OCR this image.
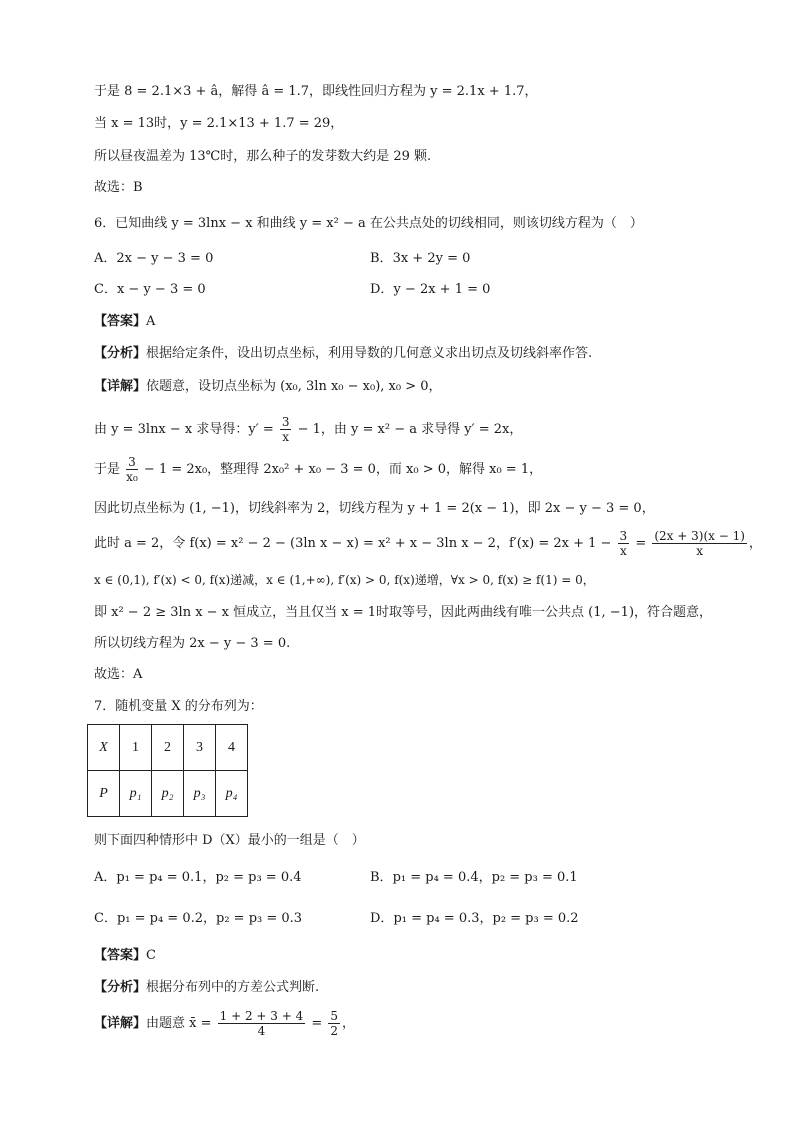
于是 8 = 2.1×3 + â，解得 â = 1.7，即线性回归方程为 y = 2.1x + 1.7，
当 x = 13时，y = 2.1×13 + 1.7 = 29，
所以昼夜温差为 13℃时，那么种子的发芽数大约是 29 颗.
故选：B
6．已知曲线 y = 3lnx − x 和曲线 y = x² − a 在公共点处的切线相同，则该切线方程为（　）
A．2x − y − 3 = 0	B．3x + 2y = 0
C．x − y − 3 = 0	D．y − 2x + 1 = 0
【答案】A
【分析】根据给定条件，设出切点坐标，利用导数的几何意义求出切点及切线斜率作答.
【详解】依题意，设切点坐标为 (x₀, 3ln x₀ − x₀), x₀ > 0，
由 y = 3lnx − x 求导得：$y' = \frac{3}{x} - 1$，由 y = x² − a 求导得 y′ = 2x，
于是 $\frac{3}{\text{x₀}} - 1 = 2x_0$，整理得 2x₀² + x₀ − 3 = 0，而 x₀ > 0，解得 x₀ = 1，
因此切点坐标为 (1, −1)，切线斜率为 2，切线方程为 y + 1 = 2(x − 1)，即 2x − y − 3 = 0，
此时 a = 2，令 f(x) = x² − 2 − (3ln x − x) = x² + x − 3ln x − 2，$f'(x) = 2x + 1 - \frac{3}{x} = \frac{(2x + 3)(x - 1)}{x}$ ，
x ∈ (0,1), f′(x) < 0, f(x)递减，x ∈ (1,+∞), f′(x) > 0, f(x)递增，∀x > 0, f(x) ≥ f(1) = 0，
即 x² − 2 ≥ 3ln x − x 恒成立，当且仅当 x = 1时取等号，因此两曲线有唯一公共点 (1, −1)，符合题意，
所以切线方程为 2x − y − 3 = 0.
故选：A
7．随机变量 X 的分布列为：
X	1	2	3	4
P	p₁	p₂	p₃	p₄
则下面四种情形中 D（X）最小的一组是（　）
A．p₁ = p₄ = 0.1，p₂ = p₃ = 0.4	B．p₁ = p₄ = 0.4，p₂ = p₃ = 0.1
C．p₁ = p₄ = 0.2，p₂ = p₃ = 0.3	D．p₁ = p₄ = 0.3，p₂ = p₃ = 0.2
【答案】C
【分析】根据分布列中的方差公式判断.
【详解】由题意 x̄ = $\frac{1 + 2 + 3 + 4}{4} = \frac{5}{2}$ ，
